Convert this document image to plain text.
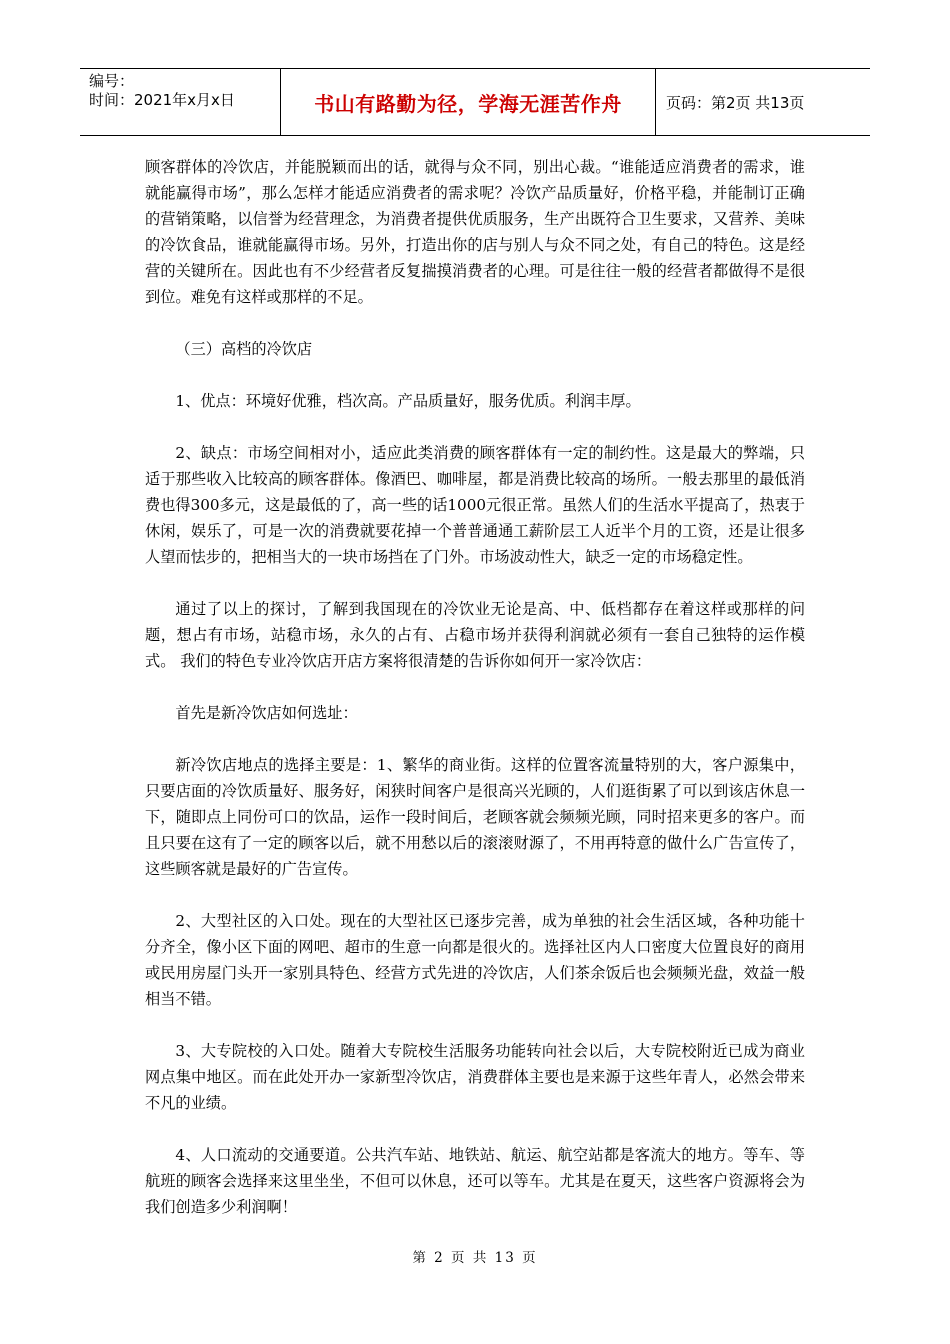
编号：
时间：2021年x月x日	书山有路勤为径，学海无涯苦作舟	页码：第2页 共13页

顾客群体的冷饮店，并能脱颖而出的话，就得与众不同，别出心裁。“谁能适应消费者的需求，谁就能赢得市场”，那么怎样才能适应消费者的需求呢？冷饮产品质量好，价格平稳，并能制订正确的营销策略，以信誉为经营理念，为消费者提供优质服务，生产出既符合卫生要求，又营养、美味的冷饮食品，谁就能赢得市场。另外，打造出你的店与别人与众不同之处，有自己的特色。这是经营的关键所在。因此也有不少经营者反复揣摸消费者的心理。可是往往一般的经营者都做得不是很到位。难免有这样或那样的不足。

（三）高档的冷饮店

1、优点：环境好优雅，档次高。产品质量好，服务优质。利润丰厚。

2、缺点：市场空间相对小，适应此类消费的顾客群体有一定的制约性。这是最大的弊端，只适于那些收入比较高的顾客群体。像酒巴、咖啡屋，都是消费比较高的场所。一般去那里的最低消费也得300多元，这是最低的了，高一些的话1000元很正常。虽然人们的生活水平提高了，热衷于休闲，娱乐了，可是一次的消费就要花掉一个普普通通工薪阶层工人近半个月的工资，还是让很多人望而怯步的，把相当大的一块市场挡在了门外。市场波动性大，缺乏一定的市场稳定性。

通过了以上的探讨，了解到我国现在的冷饮业无论是高、中、低档都存在着这样或那样的问题，想占有市场，站稳市场，永久的占有、占稳市场并获得利润就必须有一套自己独特的运作模式。 我们的特色专业冷饮店开店方案将很清楚的告诉你如何开一家冷饮店：

首先是新冷饮店如何选址：

新冷饮店地点的选择主要是：1、繁华的商业街。这样的位置客流量特别的大，客户源集中，只要店面的冷饮质量好、服务好，闲狭时间客户是很高兴光顾的，人们逛街累了可以到该店休息一下，随即点上同份可口的饮品，运作一段时间后，老顾客就会频频光顾，同时招来更多的客户。而且只要在这有了一定的顾客以后，就不用愁以后的滚滚财源了，不用再特意的做什么广告宣传了，这些顾客就是最好的广告宣传。

2、大型社区的入口处。现在的大型社区已逐步完善，成为单独的社会生活区域，各种功能十分齐全，像小区下面的网吧、超市的生意一向都是很火的。选择社区内人口密度大位置良好的商用或民用房屋门头开一家别具特色、经营方式先进的冷饮店，人们茶余饭后也会频频光盘，效益一般相当不错。

3、大专院校的入口处。随着大专院校生活服务功能转向社会以后，大专院校附近已成为商业网点集中地区。而在此处开办一家新型冷饮店，消费群体主要也是来源于这些年青人，必然会带来不凡的业绩。

4、人口流动的交通要道。公共汽车站、地铁站、航运、航空站都是客流大的地方。等车、等航班的顾客会选择来这里坐坐，不但可以休息，还可以等车。尤其是在夏天，这些客户资源将会为我们创造多少利润啊！

第 2 页 共 13 页
